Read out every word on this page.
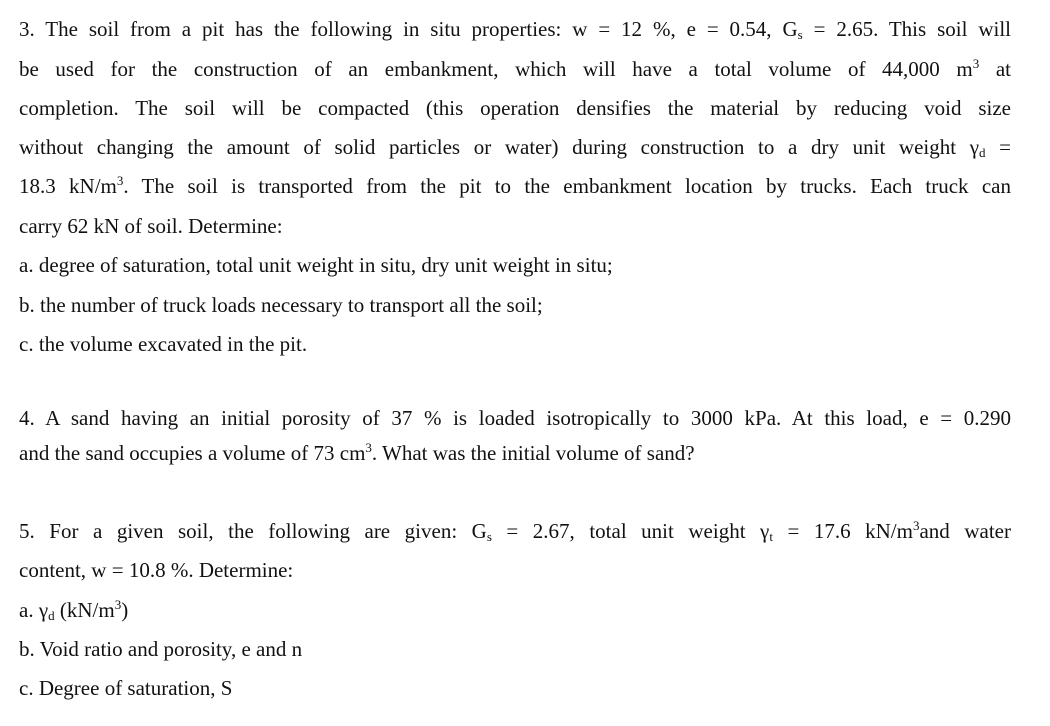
3. The soil from a pit has the following in situ properties: w = 12 %, e = 0.54, $G_s = 2.65$. This soil will
be used for the construction of an embankment, which will have a total volume of 44,000 $m^3$ at
completion. The soil will be compacted (this operation densifies the material by reducing void size
without changing the amount of solid particles or water) during construction to a dry unit weight $\gamma_d$ =
18.3 $kN/m^3$. The soil is transported from the pit to the embankment location by trucks. Each truck can
carry 62 kN of soil. Determine:
a. degree of saturation, total unit weight in situ, dry unit weight in situ;
b. the number of truck loads necessary to transport all the soil;
c. the volume excavated in the pit.
4. A sand having an initial porosity of 37 % is loaded isotropically to 3000 kPa. At this load, e = 0.290
and the sand occupies a volume of 73 $cm^3$. What was the initial volume of sand?
5. For a given soil, the following are given: $G_s = 2.67$, total unit weight $\gamma_t = 17.6$ $kN/m^3and$ water
content, w = 10.8 %. Determine:
a. $\gamma_d$ $(kN/m^3)$
b. Void ratio and porosity, e and n
c. Degree of saturation, S
